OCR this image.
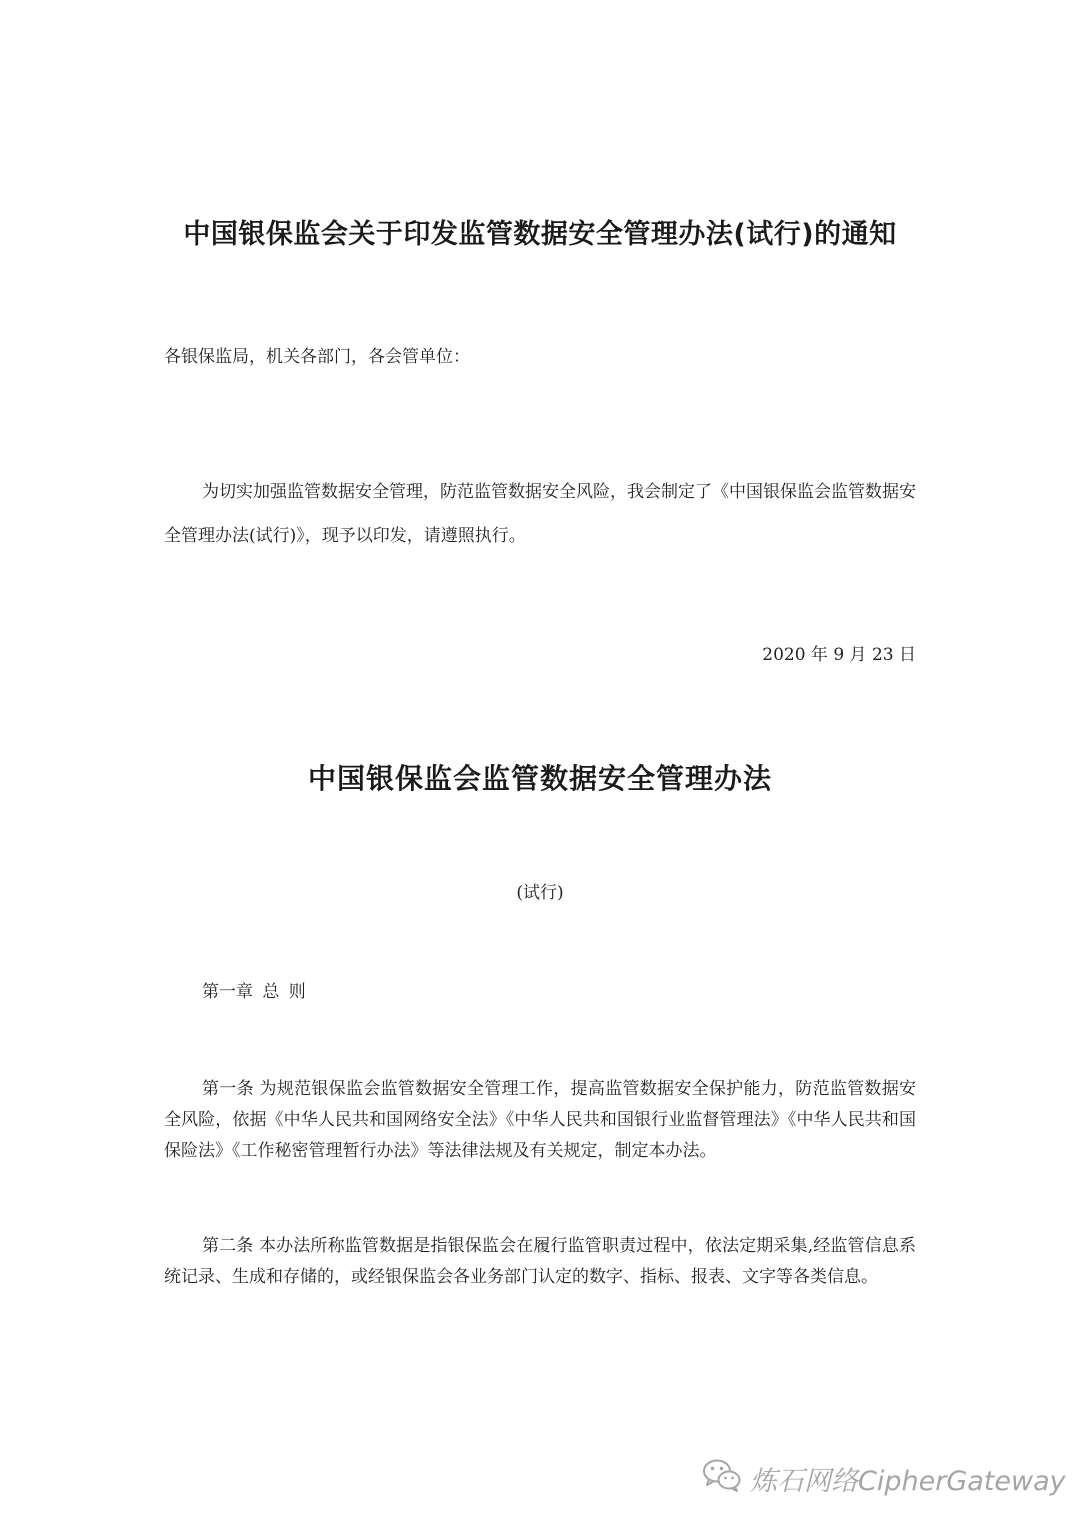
中国银保监会关于印发监管数据安全管理办法(试行)的通知
各银保监局，机关各部门，各会管单位：
为切实加强监管数据安全管理，防范监管数据安全风险，我会制定了《中国银保监会监管数据安全管理办法(试行)》，现予以印发，请遵照执行。
2020 年 9 月 23 日
中国银保监会监管数据安全管理办法
(试行)
第一章 总 则
第一条 为规范银保监会监管数据安全管理工作，提高监管数据安全保护能力，防范监管数据安全风险，依据《中华人民共和国网络安全法》《中华人民共和国银行业监督管理法》《中华人民共和国保险法》《工作秘密管理暂行办法》等法律法规及有关规定，制定本办法。
第二条 本办法所称监管数据是指银保监会在履行监管职责过程中，依法定期采集,经监管信息系统记录、生成和存储的，或经银保监会各业务部门认定的数字、指标、报表、文字等各类信息。
炼石网络CipherGateway
